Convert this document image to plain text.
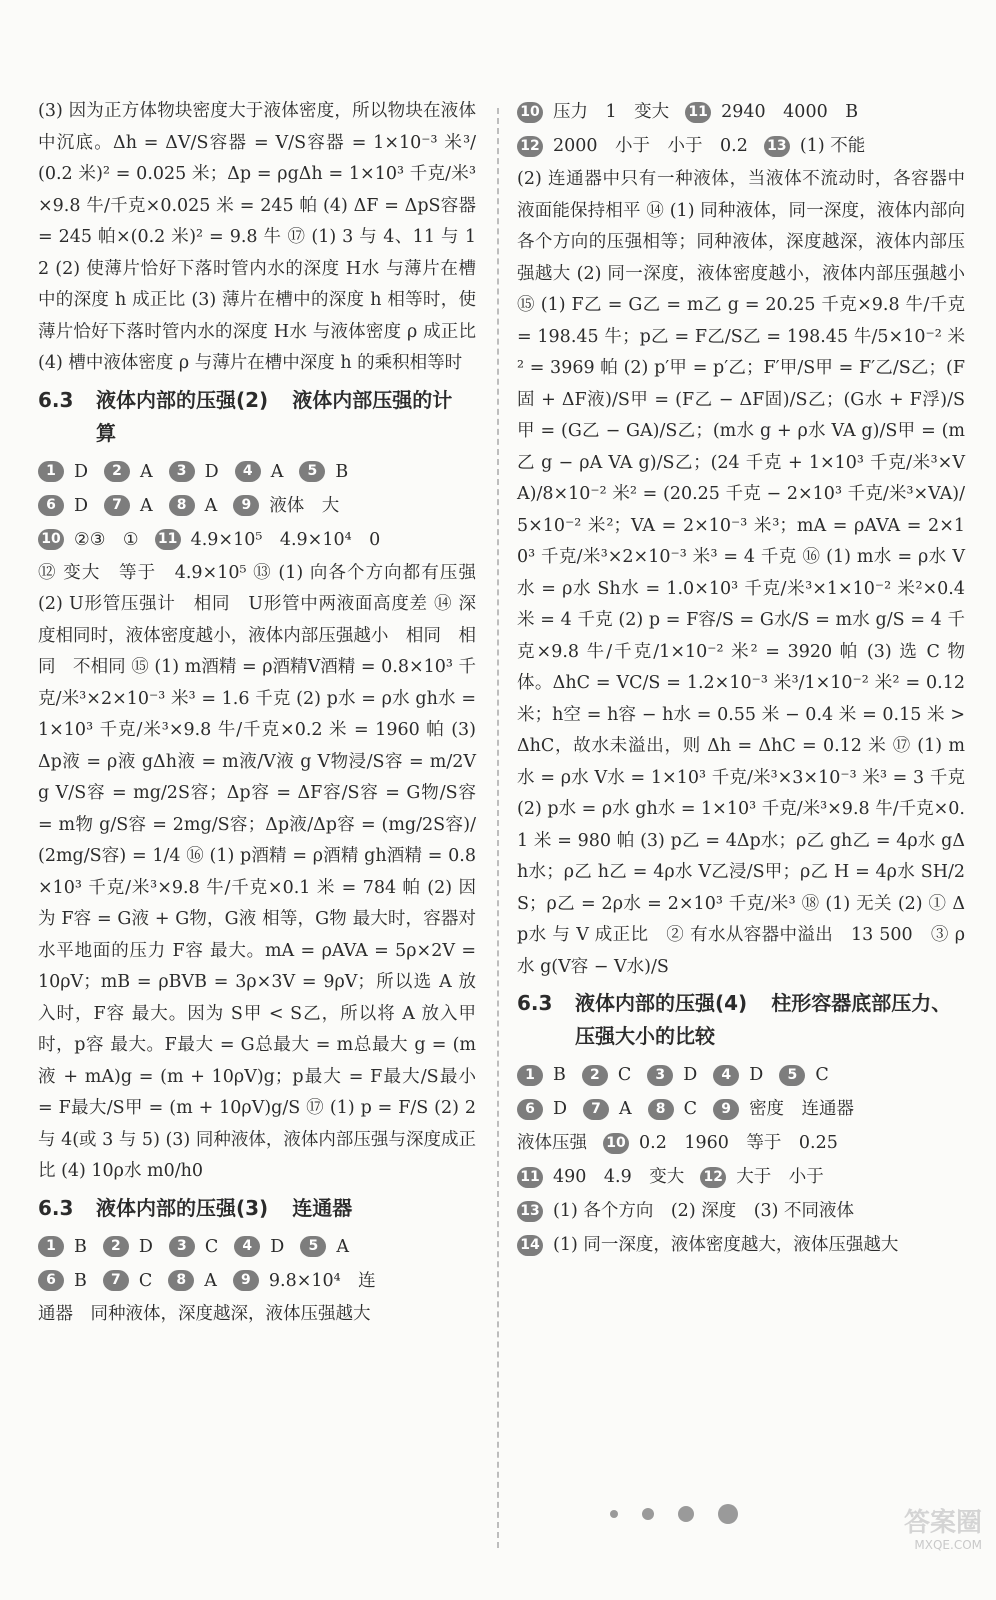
(3) 因为正方体物块密度大于液体密度，所以物块在液体中沉底。Δh = ΔV/S容器 = V/S容器 = 1×10⁻³ 米³/(0.2 米)² = 0.025 米；Δp = ρgΔh = 1×10³ 千克/米³×9.8 牛/千克×0.025 米 = 245 帕 (4) ΔF = ΔpS容器 = 245 帕×(0.2 米)² = 9.8 牛 ⑰ (1) 3 与 4、11 与 12 (2) 使薄片恰好下落时管内水的深度 H水 与薄片在槽中的深度 h 成正比 (3) 薄片在槽中的深度 h 相等时，使薄片恰好下落时管内水的深度 H水 与液体密度 ρ 成正比 (4) 槽中液体密度 ρ 与薄片在槽中深度 h 的乘积相等时

6.3	液体内部的压强(2) 液体内部压强的计算
1	D	2	A	3	D	4	A	5	B
6	D	7	A	8	A	9	液体　大
10 ②③　① 11 4.9×10⁵　4.9×10⁴　0

⑫ 变大　等于　4.9×10⁵ ⑬ (1) 向各个方向都有压强 (2) U形管压强计　相同　U形管中两液面高度差 ⑭ 深度相同时，液体密度越小，液体内部压强越小　相同　相同　不相同 ⑮ (1) m酒精 = ρ酒精V酒精 = 0.8×10³ 千克/米³×2×10⁻³ 米³ = 1.6 千克 (2) p水 = ρ水 gh水 = 1×10³ 千克/米³×9.8 牛/千克×0.2 米 = 1960 帕 (3) Δp液 = ρ液 gΔh液 = m液/V液 g V物浸/S容 = m/2V g V/S容 = mg/2S容；Δp容 = ΔF容/S容 = G物/S容 = m物 g/S容 = 2mg/S容；Δp液/Δp容 = (mg/2S容)/(2mg/S容) = 1/4 ⑯ (1) p酒精 = ρ酒精 gh酒精 = 0.8×10³ 千克/米³×9.8 牛/千克×0.1 米 = 784 帕 (2) 因为 F容 = G液 + G物，G液 相等，G物 最大时，容器对水平地面的压力 F容 最大。mA = ρAVA = 5ρ×2V = 10ρV；mB = ρBVB = 3ρ×3V = 9ρV；所以选 A 放入时，F容 最大。因为 S甲 < S乙，所以将 A 放入甲时，p容 最大。F最大 = G总最大 = m总最大 g = (m液 + mA)g = (m + 10ρV)g；p最大 = F最大/S最小 = F最大/S甲 = (m + 10ρV)g/S ⑰ (1) p = F/S (2) 2 与 4(或 3 与 5) (3) 同种液体，液体内部压强与深度成正比 (4) 10ρ水 m0/h0

6.3	液体内部的压强(3) 连通器
1	B	2	D	3	C	4	D	5	A
6	B	7	C	8	A	9	9.8×10⁴　连

通器　同种液体，深度越深，液体压强越大

10 压力　1　变大 11 2940　4000　B
12 2000　小于　小于　0.2 13 (1) 不能

(2) 连通器中只有一种液体，当液体不流动时，各容器中液面能保持相平 ⑭ (1) 同种液体，同一深度，液体内部向各个方向的压强相等；同种液体，深度越深，液体内部压强越大 (2) 同一深度，液体密度越小，液体内部压强越小 ⑮ (1) F乙 = G乙 = m乙 g = 20.25 千克×9.8 牛/千克 = 198.45 牛；p乙 = F乙/S乙 = 198.45 牛/5×10⁻² 米² = 3969 帕 (2) p′甲 = p′乙；F′甲/S甲 = F′乙/S乙；(F固 + ΔF液)/S甲 = (F乙 − ΔF固)/S乙；(G水 + F浮)/S甲 = (G乙 − GA)/S乙；(m水 g + ρ水 VA g)/S甲 = (m乙 g − ρA VA g)/S乙；(24 千克 + 1×10³ 千克/米³×VA)/8×10⁻² 米² = (20.25 千克 − 2×10³ 千克/米³×VA)/5×10⁻² 米²；VA = 2×10⁻³ 米³；mA = ρAVA = 2×10³ 千克/米³×2×10⁻³ 米³ = 4 千克 ⑯ (1) m水 = ρ水 V水 = ρ水 Sh水 = 1.0×10³ 千克/米³×1×10⁻² 米²×0.4 米 = 4 千克 (2) p = F容/S = G水/S = m水 g/S = 4 千克×9.8 牛/千克/1×10⁻² 米² = 3920 帕 (3) 选 C 物体。ΔhC = VC/S = 1.2×10⁻³ 米³/1×10⁻² 米² = 0.12 米；h空 = h容 − h水 = 0.55 米 − 0.4 米 = 0.15 米 > ΔhC，故水未溢出，则 Δh = ΔhC = 0.12 米 ⑰ (1) m水 = ρ水 V水 = 1×10³ 千克/米³×3×10⁻³ 米³ = 3 千克 (2) p水 = ρ水 gh水 = 1×10³ 千克/米³×9.8 牛/千克×0.1 米 = 980 帕 (3) p乙 = 4Δp水；ρ乙 gh乙 = 4ρ水 gΔh水；ρ乙 h乙 = 4ρ水 V乙浸/S甲；ρ乙 H = 4ρ水 SH/2S；ρ乙 = 2ρ水 = 2×10³ 千克/米³ ⑱ (1) 无关 (2) ① Δp水 与 V 成正比　② 有水从容器中溢出　13 500　③ ρ水 g(V容 − V水)/S

6.3	液体内部的压强(4) 柱形容器底部压力、压强大小的比较
1	B	2	C	3	D	4	D	5	C
6	D	7	A	8	C	9	密度　连通器
液体压强 10 0.2　1960　等于　0.25
11 490　4.9　变大 12 大于　小于
13 (1) 各个方向　(2) 深度　(3) 不同液体
14 (1) 同一深度，液体密度越大，液体压强越大
答案圈
MXQE.COM
